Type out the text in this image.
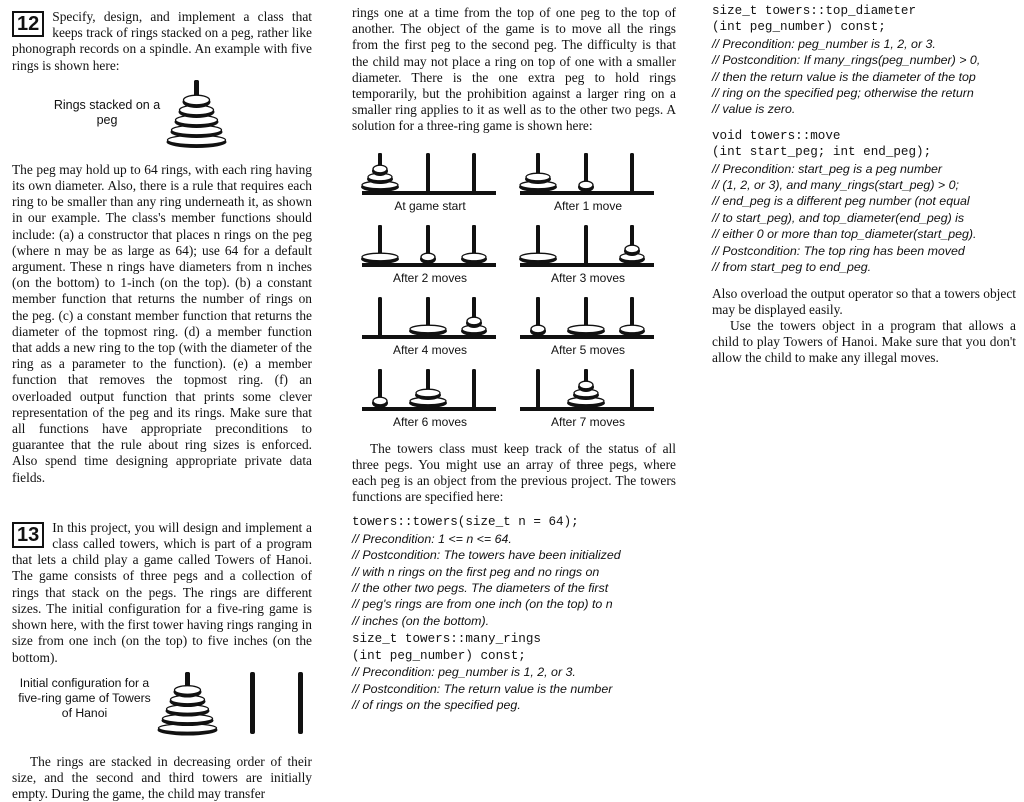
12 Specify, design, and implement a class that keeps track of rings stacked on a peg, rather like phonograph records on a spindle. An example with five rings is shown here:

Rings stacked on a peg

The peg may hold up to 64 rings, with each ring having its own diameter. Also, there is a rule that requires each ring to be smaller than any ring underneath it, as shown in our example. The class's member functions should include: (a) a constructor that places n rings on the peg (where n may be as large as 64); use 64 for a default argument. These n rings have diameters from n inches (on the bottom) to 1-inch (on the top). (b) a constant member function that returns the number of rings on the peg. (c) a constant member function that returns the diameter of the topmost ring. (d) a member function that adds a new ring to the top (with the diameter of the ring as a parameter to the function). (e) a member function that removes the topmost ring. (f) an overloaded output function that prints some clever representation of the peg and its rings. Make sure that all functions have appropriate preconditions to guarantee that the rule about ring sizes is enforced. Also spend time designing appropriate private data fields.

13 In this project, you will design and implement a class called towers, which is part of a program that lets a child play a game called Towers of Hanoi. The game consists of three pegs and a collection of rings that stack on the pegs. The rings are different sizes. The initial configuration for a five-ring game is shown here, with the first tower having rings ranging in size from one inch (on the top) to five inches (on the bottom).

Initial configuration for a five-ring game of Towers of Hanoi

The rings are stacked in decreasing order of their size, and the second and third towers are initially empty. During the game, the child may transfer

rings one at a time from the top of one peg to the top of another. The object of the game is to move all the rings from the first peg to the second peg. The difficulty is that the child may not place a ring on top of one with a smaller diameter. There is the one extra peg to hold rings temporarily, but the prohibition against a larger ring on a smaller ring applies to it as well as to the other two pegs. A solution for a three-ring game is shown here:

At game start	After 1 move
After 2 moves	After 3 moves
After 4 moves	After 5 moves
After 6 moves	After 7 moves

The towers class must keep track of the status of all three pegs. You might use an array of three pegs, where each peg is an object from the previous project. The towers functions are specified here:

towers::towers(size_t n = 64);
// Precondition: 1 <= n <= 64.
// Postcondition: The towers have been initialized
// with n rings on the first peg and no rings on
// the other two pegs. The diameters of the first
// peg's rings are from one inch (on the top) to n
// inches (on the bottom).
size_t towers::many_rings
(int peg_number) const;
// Precondition: peg_number is 1, 2, or 3.
// Postcondition: The return value is the number
// of rings on the specified peg.
size_t towers::top_diameter
(int peg_number) const;
// Precondition: peg_number is 1, 2, or 3.
// Postcondition: If many_rings(peg_number) > 0,
// then the return value is the diameter of the top
// ring on the specified peg; otherwise the return
// value is zero.
void towers::move
(int start_peg; int end_peg);
// Precondition: start_peg is a peg number
// (1, 2, or 3), and many_rings(start_peg) > 0;
// end_peg is a different peg number (not equal
// to start_peg), and top_diameter(end_peg) is
// either 0 or more than top_diameter(start_peg).
// Postcondition: The top ring has been moved
// from start_peg to end_peg.

Also overload the output operator so that a towers object may be displayed easily.

Use the towers object in a program that allows a child to play Towers of Hanoi. Make sure that you don't allow the child to make any illegal moves.
